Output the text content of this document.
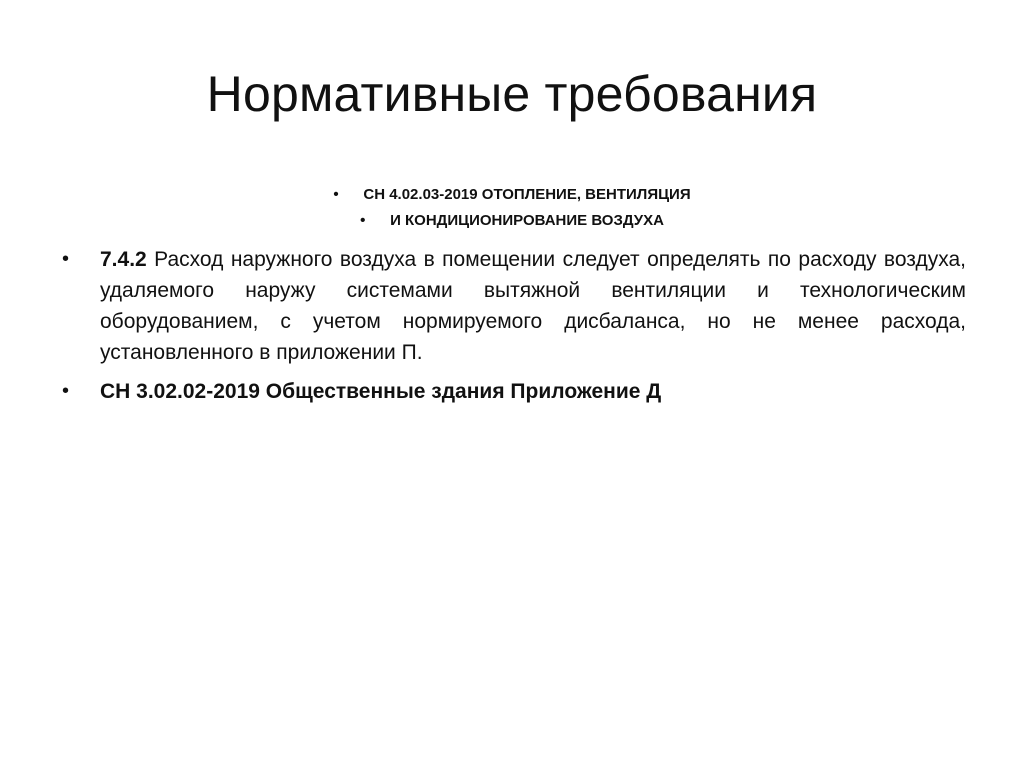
Нормативные требования
• СН 4.02.03-2019 ОТОПЛЕНИЕ, ВЕНТИЛЯЦИЯ
• И КОНДИЦИОНИРОВАНИЕ ВОЗДУХА
• 7.4.2 Расход наружного воздуха в помещении следует определять по расходу воздуха, удаляемого наружу системами вытяжной вентиляции и технологическим оборудованием, с учетом нормируемого дисбаланса, но не менее расхода, установленного в приложении П.
• СН 3.02.02-2019 Общественные здания Приложение Д
